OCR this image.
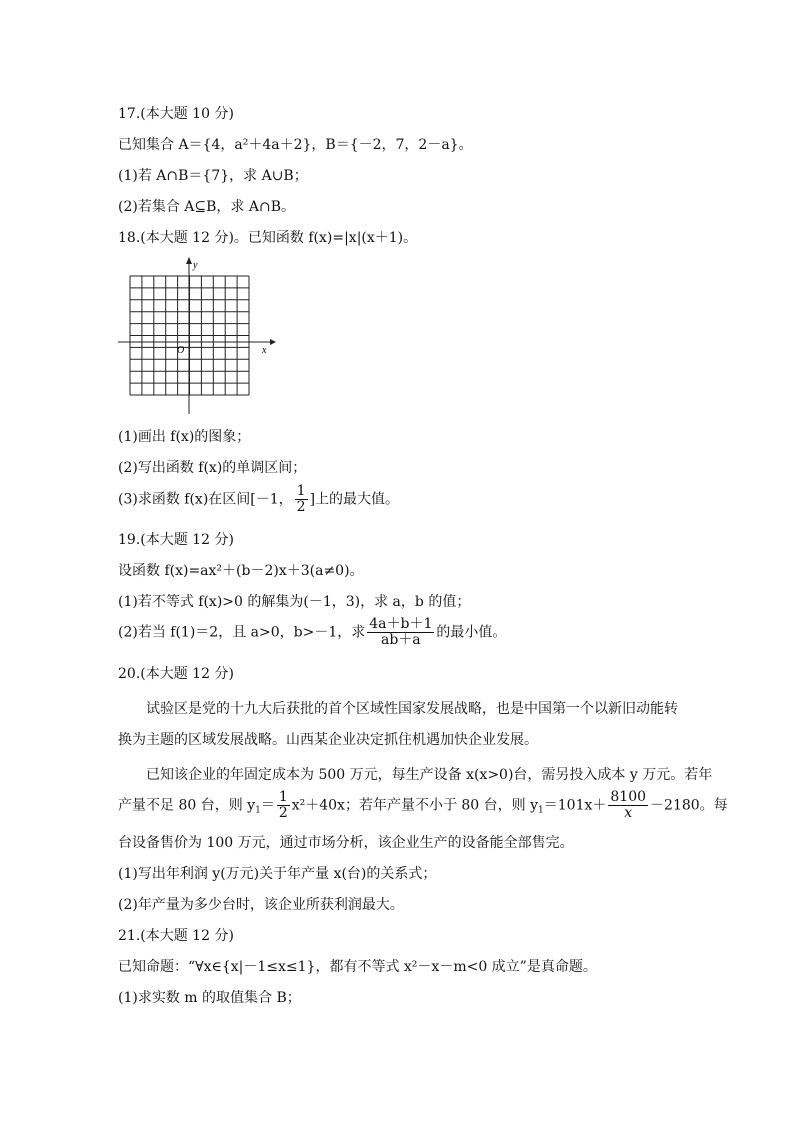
17.(本大题 10 分)
已知集合 A＝{4，a²＋4a＋2}，B＝{－2，7，2－a}。
(1)若 A∩B＝{7}，求 A∪B；
(2)若集合 A⊆B，求 A∩B。
18.(本大题 12 分)。已知函数 f(x)=|x|(x＋1)。
y
x
O
(1)画出 f(x)的图象；
(2)写出函数 f(x)的单调区间；
(3)求函数 f(x)在区间[－1， $\frac{1}{2}$ ]上的最大值。
19.(本大题 12 分)
设函数 f(x)=ax²＋(b－2)x＋3(a≠0)。
(1)若不等式 f(x)>0 的解集为(－1，3)，求 a，b 的值；
(2)若当 f(1)＝2，且 a>0，b>－1，求 $\frac{4a+b+1}{ab+a}$ 的最小值。
20.(本大题 12 分)
试验区是党的十九大后获批的首个区域性国家发展战略，也是中国第一个以新旧动能转
换为主题的区域发展战略。山西某企业决定抓住机遇加快企业发展。
已知该企业的年固定成本为 500 万元，每生产设备 x(x>0)台，需另投入成本 y 万元。若年
产量不足 80 台，则 $y_1= \frac{1}{2} x^2+40x$；若年产量不小于 80 台，则 $y_1=101x+ \frac{8100}{x} -2180$。每
台设备售价为 100 万元，通过市场分析，该企业生产的设备能全部售完。
(1)写出年利润 y(万元)关于年产量 x(台)的关系式；
(2)年产量为多少台时，该企业所获利润最大。
21.(本大题 12 分)
已知命题：“∀x∈{x|－1≤x≤1}，都有不等式 x²－x－m<0 成立”是真命题。
(1)求实数 m 的取值集合 B；
